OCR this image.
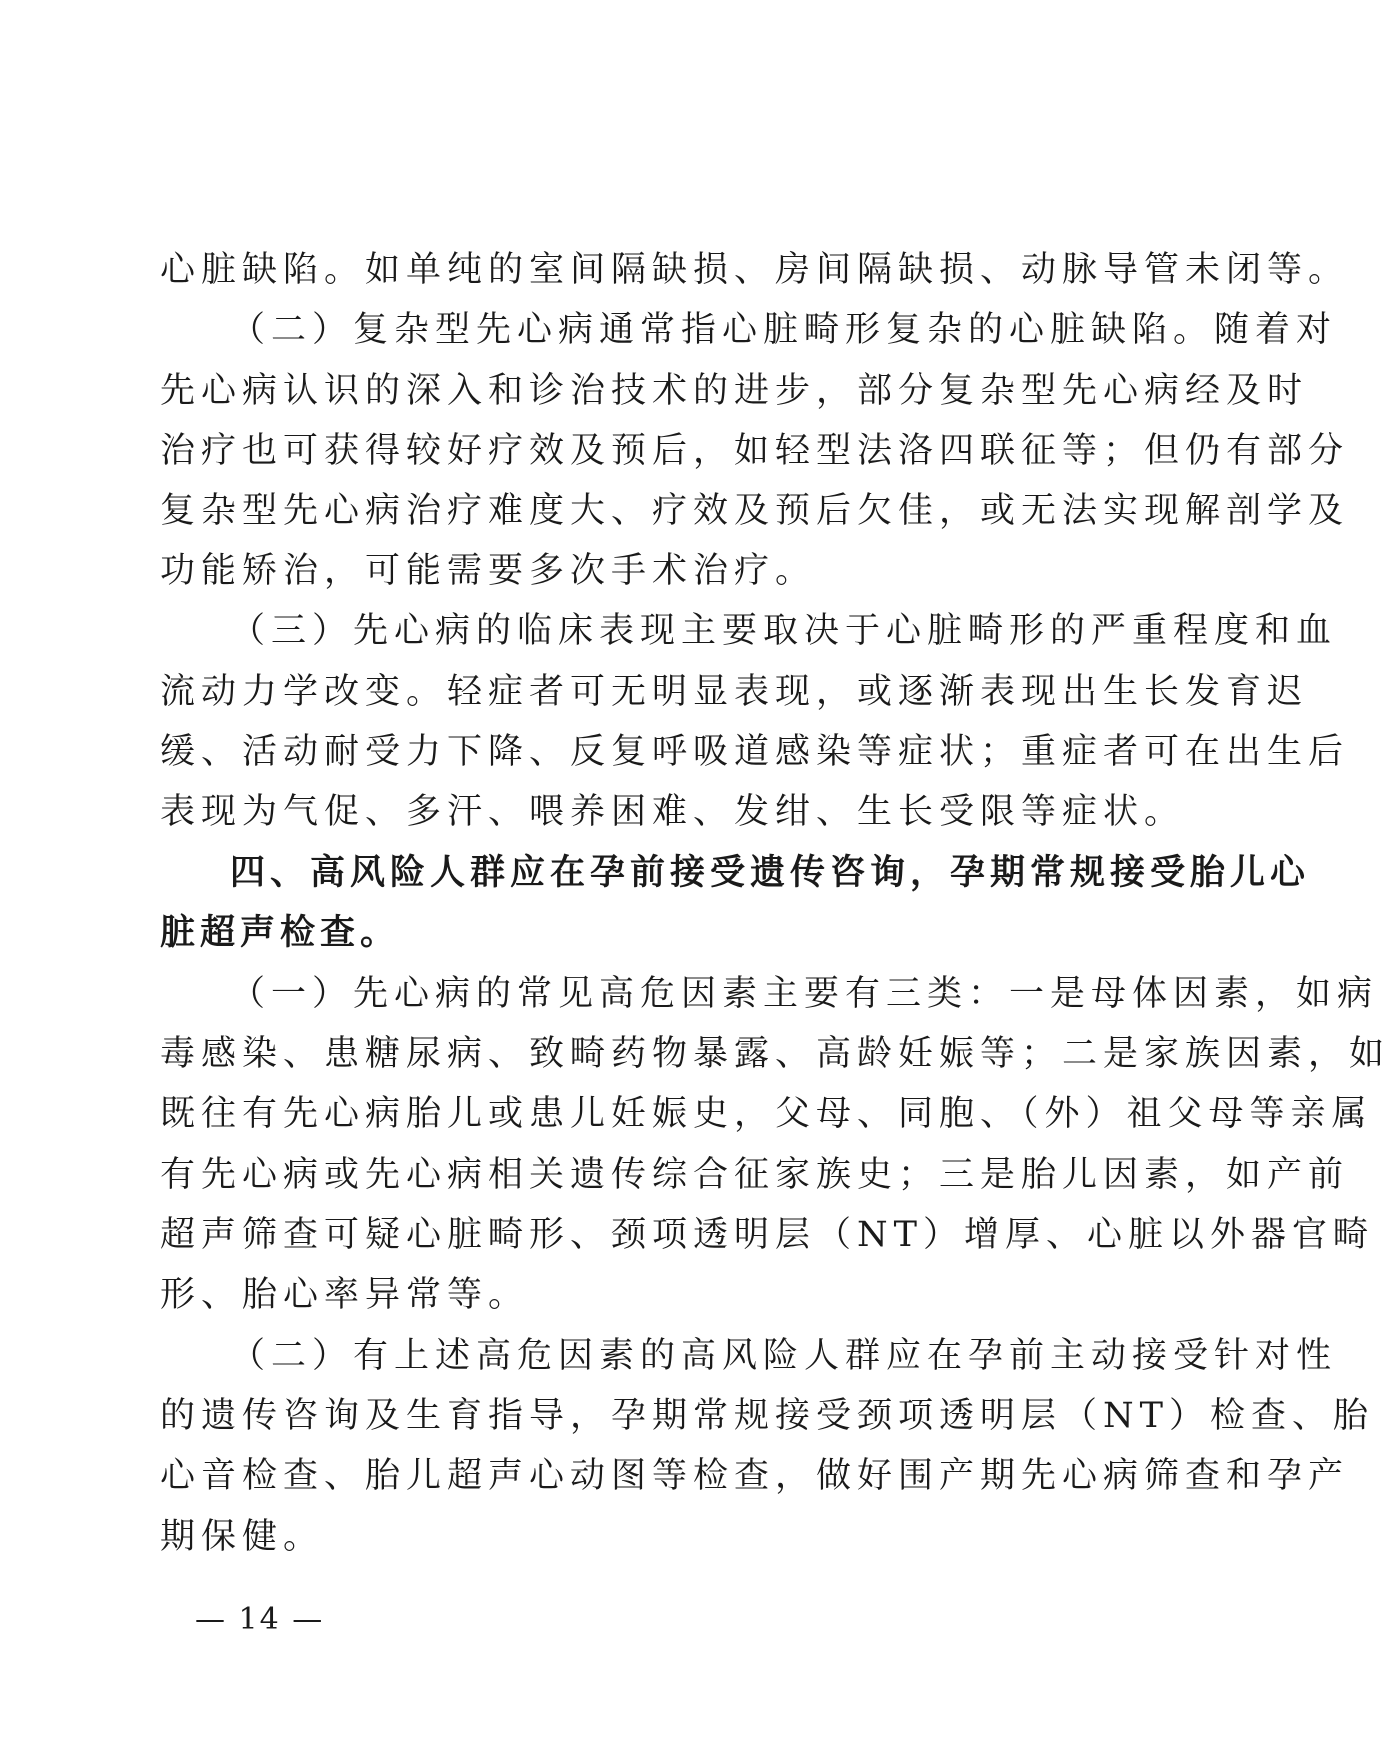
心脏缺陷。如单纯的室间隔缺损、房间隔缺损、动脉导管未闭等。
（二）复杂型先心病通常指心脏畸形复杂的心脏缺陷。随着对
先心病认识的深入和诊治技术的进步，部分复杂型先心病经及时
治疗也可获得较好疗效及预后，如轻型法洛四联征等；但仍有部分
复杂型先心病治疗难度大、疗效及预后欠佳，或无法实现解剖学及
功能矫治，可能需要多次手术治疗。
（三）先心病的临床表现主要取决于心脏畸形的严重程度和血
流动力学改变。轻症者可无明显表现，或逐渐表现出生长发育迟
缓、活动耐受力下降、反复呼吸道感染等症状；重症者可在出生后
表现为气促、多汗、喂养困难、发绀、生长受限等症状。
四、高风险人群应在孕前接受遗传咨询，孕期常规接受胎儿心
脏超声检查。
（一）先心病的常见高危因素主要有三类：一是母体因素，如病
毒感染、患糖尿病、致畸药物暴露、高龄妊娠等；二是家族因素，如
既往有先心病胎儿或患儿妊娠史，父母、同胞、（外）祖父母等亲属
有先心病或先心病相关遗传综合征家族史；三是胎儿因素，如产前
超声筛查可疑心脏畸形、颈项透明层（NT）增厚、心脏以外器官畸
形、胎心率异常等。
（二）有上述高危因素的高风险人群应在孕前主动接受针对性
的遗传咨询及生育指导，孕期常规接受颈项透明层（NT）检查、胎
心音检查、胎儿超声心动图等检查，做好围产期先心病筛查和孕产
期保健。
— 14 —
